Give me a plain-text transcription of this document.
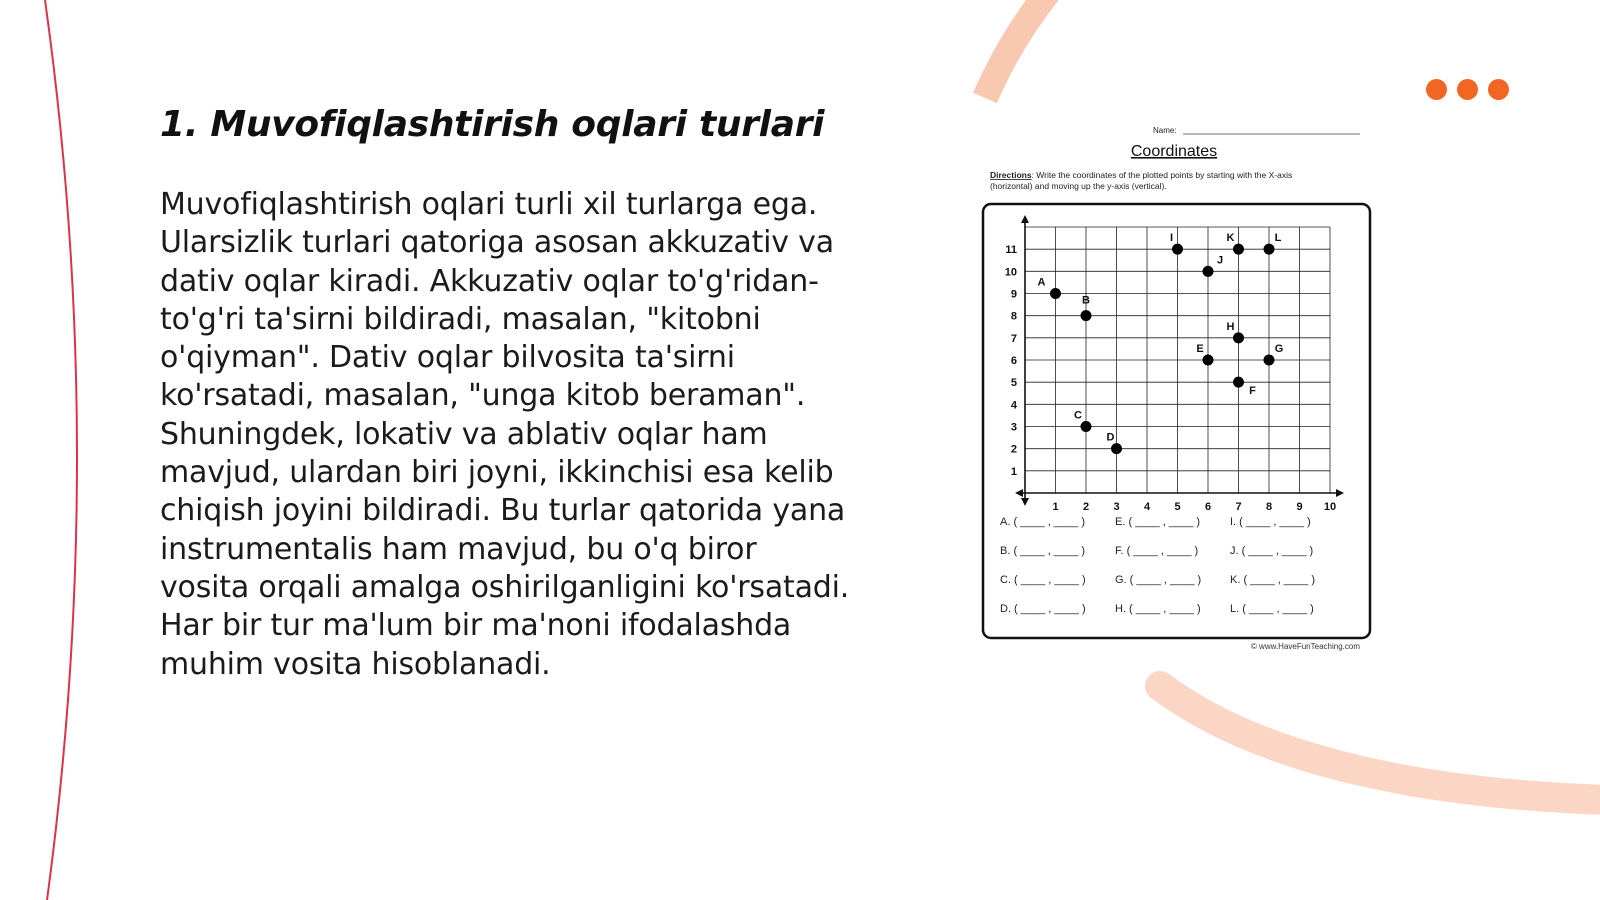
1. Muvofiqlashtirish oqlari turlari

Muvofiqlashtirish oqlari turli xil turlarga ega. Ularsizlik turlari qatoriga asosan akkuzativ va dativ oqlar kiradi. Akkuzativ oqlar to'g'ridan-to'g'ri ta'sirni bildiradi, masalan, "kitobni o'qiyman". Dativ oqlar bilvosita ta'sirni ko'rsatadi, masalan, "unga kitob beraman". Shuningdek, lokativ va ablativ oqlar ham mavjud, ulardan biri joyni, ikkinchisi esa kelib chiqish joyini bildiradi. Bu turlar qatorida yana instrumentalis ham mavjud, bu o'q biror vosita orqali amalga oshirilganligini ko'rsatadi. Har bir tur ma'lum bir ma'noni ifodalashda muhim vosita hisoblanadi.

Name:
Coordinates
Directions: Write the coordinates of the plotted points by starting with the X-axis
(horizontal) and moving up the y-axis (vertical).
1 2 3 4 5 6 7 8 9 10
1
2
3
4
5
6
7
8
9
10
11
A
B
C
D
E
F
G
H
I
J
K	L
A. ( ____ , ____ )	E. ( ____ , ____ )	I. ( ____ , ____ )
B. ( ____ , ____ )	F. ( ____ , ____ )	J. ( ____ , ____ )
C. ( ____ , ____ )	G. ( ____ , ____ )	K. ( ____ , ____ )
D. ( ____ , ____ )	H. ( ____ , ____ )	L. ( ____ , ____ )
© www.HaveFunTeaching.com
